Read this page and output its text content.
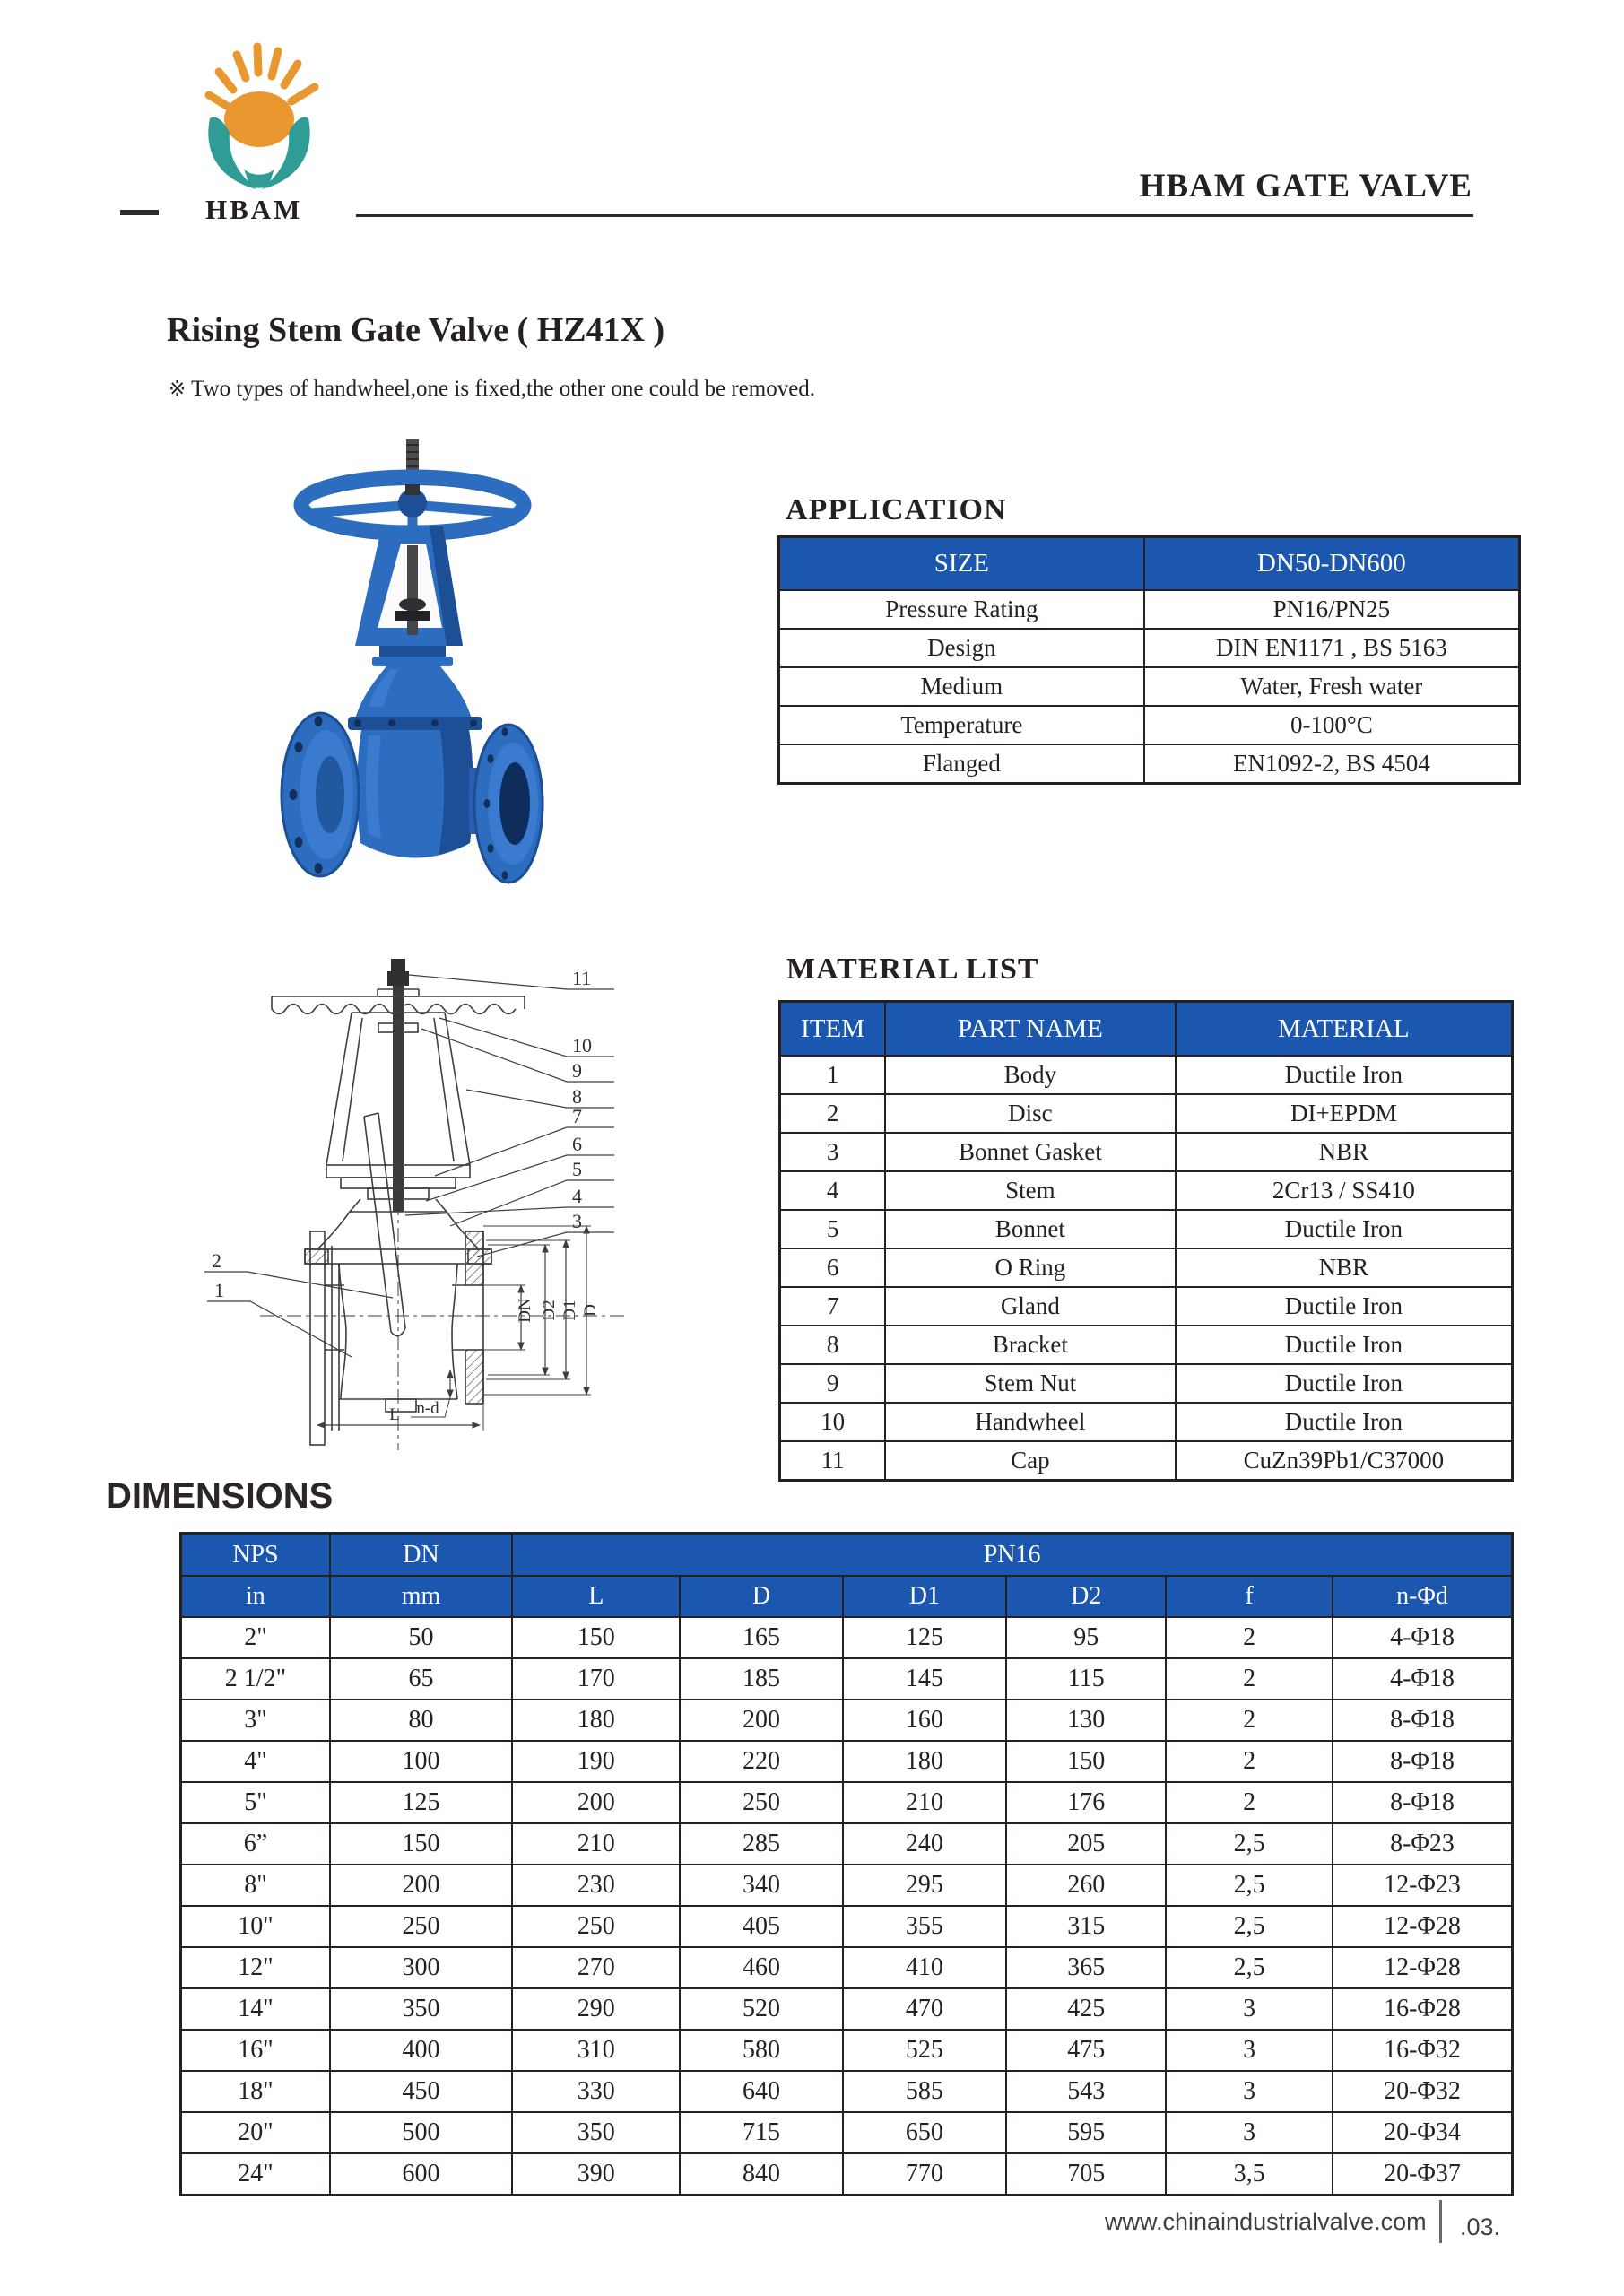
HBAM
HBAM GATE VALVE
Rising Stem Gate Valve ( HZ41X )
※ Two types of handwheel,one is fixed,the other one could be removed.
APPLICATION
SIZE	DN50-DN600
Pressure Rating	PN16/PN25
Design	DIN EN1171 , BS 5163
Medium	Water, Fresh water
Temperature	0-100°C
Flanged	EN1092-2, BS 4504
MATERIAL LIST
ITEM	PART NAME	MATERIAL
1	Body	Ductile Iron
2	Disc	DI+EPDM
3	Bonnet Gasket	NBR
4	Stem	2Cr13 / SS410
5	Bonnet	Ductile Iron
6	O Ring	NBR
7	Gland	Ductile Iron
8	Bracket	Ductile Iron
9	Stem Nut	Ductile Iron
10	Handwheel	Ductile Iron
11	Cap	CuZn39Pb1/C37000
11
10
9
8
7
6
5
4
3
2
1
DN D2 D1 D
L n-d
DIMENSIONS
NPS	DN	PN16					
in	mm	L	D	D1	D2	f	n-Φd
2"	50	150	165	125	95	2	4-Φ18
2 1/2"	65	170	185	145	115	2	4-Φ18
3"	80	180	200	160	130	2	8-Φ18
4"	100	190	220	180	150	2	8-Φ18
5"	125	200	250	210	176	2	8-Φ18
6”	150	210	285	240	205	2,5	8-Φ23
8"	200	230	340	295	260	2,5	12-Φ23
10"	250	250	405	355	315	2,5	12-Φ28
12"	300	270	460	410	365	2,5	12-Φ28
14"	350	290	520	470	425	3	16-Φ28
16"	400	310	580	525	475	3	16-Φ32
18"	450	330	640	585	543	3	20-Φ32
20"	500	350	715	650	595	3	20-Φ34
24"	600	390	840	770	705	3,5	20-Φ37
www.chinaindustrialvalve.com .03.
